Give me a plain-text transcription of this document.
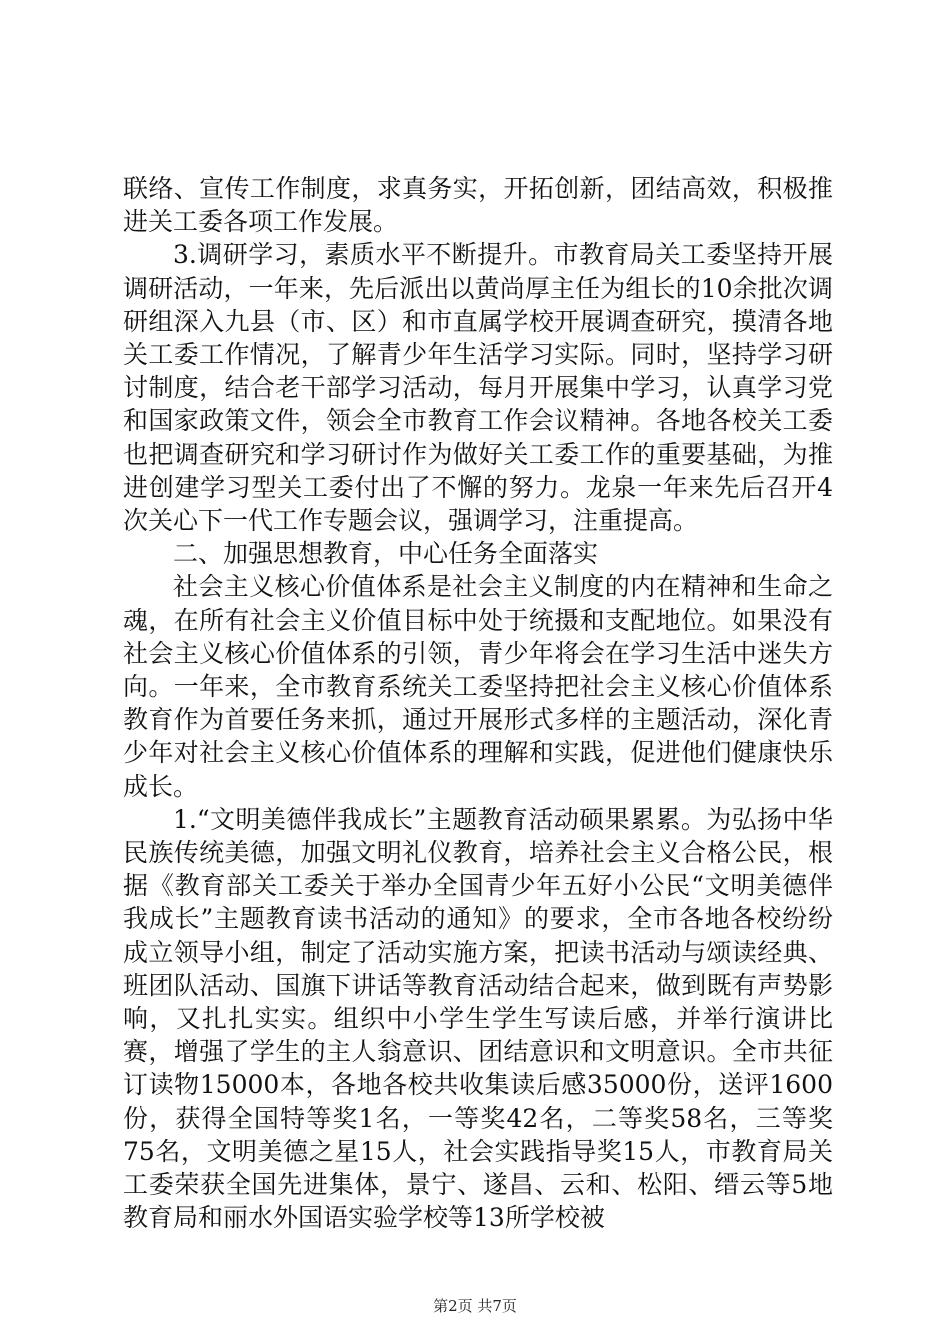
联络、宣传工作制度，求真务实，开拓创新，团结高效，积极推进关工委各项工作发展。

3.调研学习，素质水平不断提升。市教育局关工委坚持开展调研活动，一年来，先后派出以黄尚厚主任为组长的10余批次调研组深入九县（市、区）和市直属学校开展调查研究，摸清各地关工委工作情况，了解青少年生活学习实际。同时，坚持学习研讨制度，结合老干部学习活动，每月开展集中学习，认真学习党和国家政策文件，领会全市教育工作会议精神。各地各校关工委也把调查研究和学习研讨作为做好关工委工作的重要基础，为推进创建学习型关工委付出了不懈的努力。龙泉一年来先后召开4次关心下一代工作专题会议，强调学习，注重提高。

二、加强思想教育，中心任务全面落实

社会主义核心价值体系是社会主义制度的内在精神和生命之魂，在所有社会主义价值目标中处于统摄和支配地位。如果没有社会主义核心价值体系的引领，青少年将会在学习生活中迷失方向。一年来，全市教育系统关工委坚持把社会主义核心价值体系教育作为首要任务来抓，通过开展形式多样的主题活动，深化青少年对社会主义核心价值体系的理解和实践，促进他们健康快乐成长。

1.“文明美德伴我成长”主题教育活动硕果累累。为弘扬中华民族传统美德，加强文明礼仪教育，培养社会主义合格公民，根据《教育部关工委关于举办全国青少年五好小公民“文明美德伴我成长”主题教育读书活动的通知》的要求，全市各地各校纷纷成立领导小组，制定了活动实施方案，把读书活动与颂读经典、班团队活动、国旗下讲话等教育活动结合起来，做到既有声势影响，又扎扎实实。组织中小学生学生写读后感，并举行演讲比赛，增强了学生的主人翁意识、团结意识和文明意识。全市共征订读物15000本，各地各校共收集读后感35000份，送评1600份，获得全国特等奖1名，一等奖42名，二等奖58名，三等奖75名，文明美德之星15人，社会实践指导奖15人，市教育局关工委荣获全国先进集体，景宁、遂昌、云和、松阳、缙云等5地教育局和丽水外国语实验学校等13所学校被

第2页 共7页
